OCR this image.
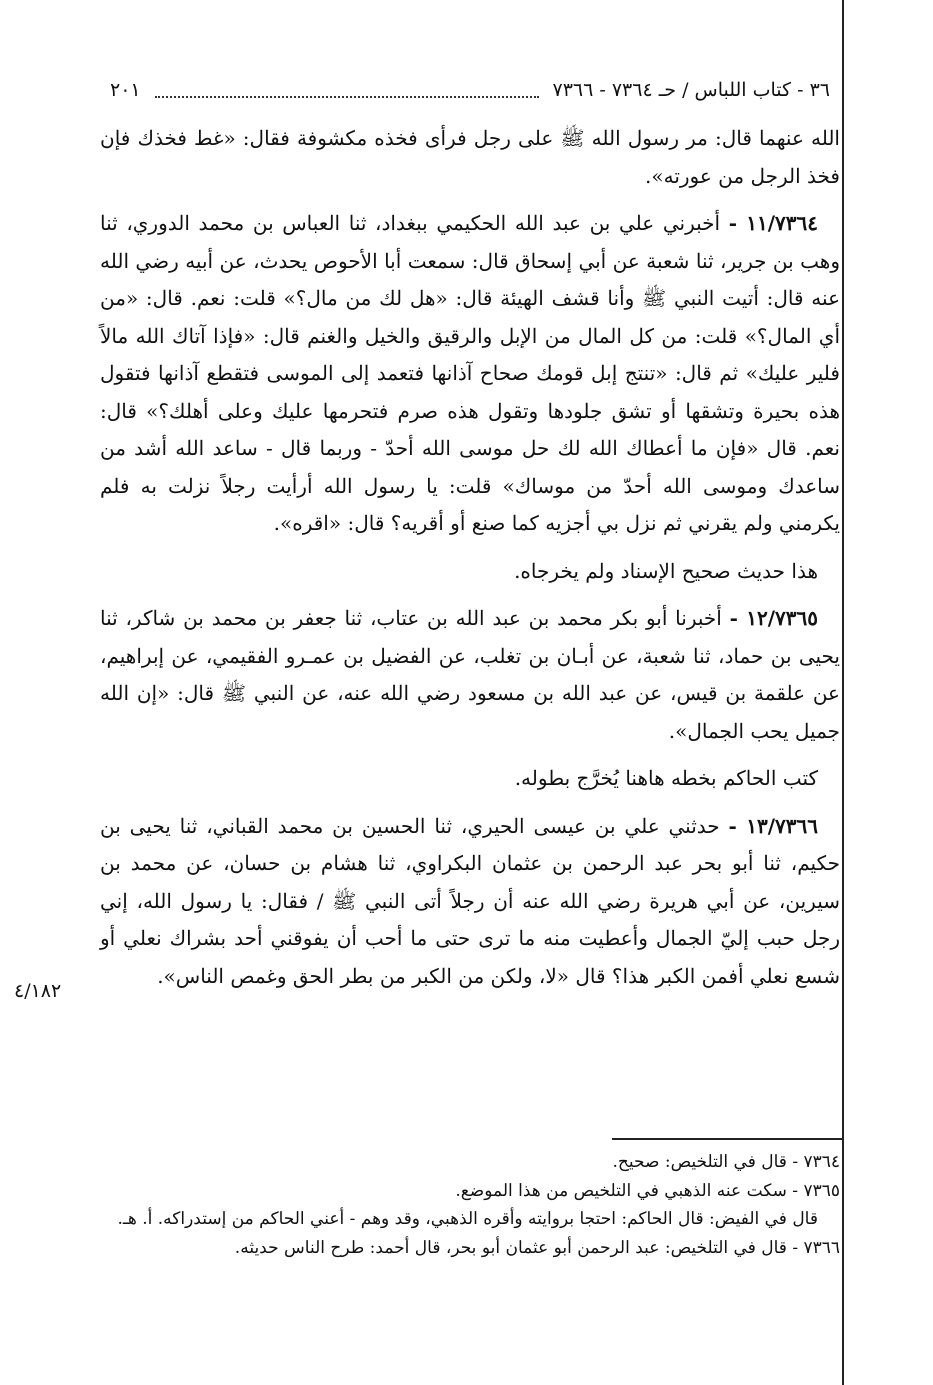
٣٦ - كتاب اللباس / حـ ٧٣٦٤ - ٧٣٦٦
٢٠١

الله عنهما قال: مر رسول الله ﷺ على رجل فرأى فخذه مكشوفة فقال: «غط فخذك فإن فخذ الرجل من عورته».

١١/٧٣٦٤ - أخبرني علي بن عبد الله الحكيمي ببغداد، ثنا العباس بن محمد الدوري، ثنا وهب بن جرير، ثنا شعبة عن أبي إسحاق قال: سمعت أبا الأحوص يحدث، عن أبيه رضي الله عنه قال: أتيت النبي ﷺ وأنا قشف الهيئة قال: «هل لك من مال؟» قلت: نعم. قال: «من أي المال؟» قلت: من كل المال من الإبل والرقيق والخيل والغنم قال: «فإذا آتاك الله مالاً فلير عليك» ثم قال: «تنتج إبل قومك صحاح آذانها فتعمد إلى الموسى فتقطع آذانها فتقول هذه بحيرة وتشقها أو تشق جلودها وتقول هذه صرم فتحرمها عليك وعلى أهلك؟» قال: نعم. قال «فإن ما أعطاك الله لك حل موسى الله أحدّ - وربما قال - ساعد الله أشد من ساعدك وموسى الله أحدّ من موساك» قلت: يا رسول الله أرأيت رجلاً نزلت به فلم يكرمني ولم يقرني ثم نزل بي أجزيه كما صنع أو أقريه؟ قال: «اقره».

هذا حديث صحيح الإسناد ولم يخرجاه.

١٢/٧٣٦٥ - أخبرنا أبو بكر محمد بن عبد الله بن عتاب، ثنا جعفر بن محمد بن شاكر، ثنا يحيى بن حماد، ثنا شعبة، عن أبـان بن تغلب، عن الفضيل بن عمـرو الفقيمي، عن إبراهيم، عن علقمة بن قيس، عن عبد الله بن مسعود رضي الله عنه، عن النبي ﷺ قال: «إن الله جميل يحب الجمال».

كتب الحاكم بخطه هاهنا يُخرَّج بطوله.

١٣/٧٣٦٦ - حدثني علي بن عيسى الحيري، ثنا الحسين بن محمد القباني، ثنا يحيى بن حكيم، ثنا أبو بحر عبد الرحمن بن عثمان البكراوي، ثنا هشام بن حسان، عن محمد بن سيرين، عن أبي هريرة رضي الله عنه أن رجلاً أتى النبي ﷺ / فقال: يا رسول الله، إني رجل حبب إليّ الجمال وأعطيت منه ما ترى حتى ما أحب أن يفوقني أحد بشراك نعلي أو شسع نعلي أفمن الكبر هذا؟ قال «لا، ولكن من الكبر من بطر الحق وغمص الناس».

٤/١٨٢

٧٣٦٤ - قال في التلخيص: صحيح.

٧٣٦٥ - سكت عنه الذهبي في التلخيص من هذا الموضع.

قال في الفيض: قال الحاكم: احتجا بروايته وأقره الذهبي، وقد وهم - أعني الحاكم من إستدراكه. أ. هـ.

٧٣٦٦ - قال في التلخيص: عبد الرحمن أبو عثمان أبو بحر، قال أحمد: طرح الناس حديثه.
